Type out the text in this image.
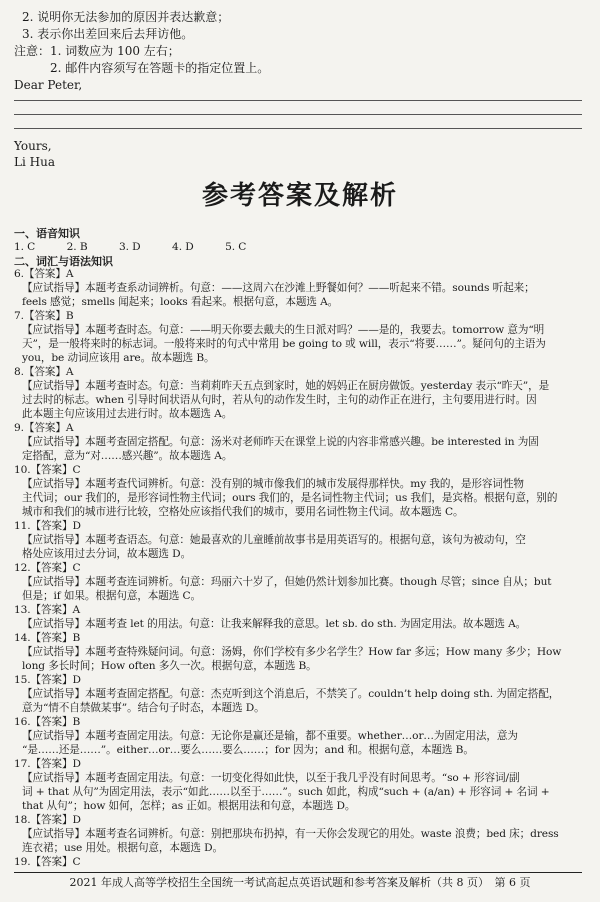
2. 说明你无法参加的原因并表达歉意；
3. 表示你出差回来后去拜访他。
注意：1. 词数应为 100 左右；
2. 邮件内容须写在答题卡的指定位置上。
Dear Peter,
Yours,
Li Hua
参考答案及解析
一、语音知识
1. C　　　2. B　　　3. D　　　4. D　　　5. C
二、词汇与语法知识
6.【答案】A
【应试指导】本题考查系动词辨析。句意：——这周六在沙滩上野餐如何？——听起来不错。sounds 听起来；
feels 感觉；smells 闻起来；looks 看起来。根据句意，本题选 A。
7.【答案】B
【应试指导】本题考查时态。句意：——明天你要去戴夫的生日派对吗？——是的，我要去。tomorrow 意为“明
天”，是一般将来时的标志词。一般将来时的句式中常用 be going to 或 will，表示“将要……”。疑问句的主语为
you，be 动词应该用 are。故本题选 B。
8.【答案】A
【应试指导】本题考查时态。句意：当莉莉昨天五点到家时，她的妈妈正在厨房做饭。yesterday 表示“昨天”，是
过去时的标志。when 引导时间状语从句时，若从句的动作发生时，主句的动作正在进行，主句要用进行时。因
此本题主句应该用过去进行时。故本题选 A。
9.【答案】A
【应试指导】本题考查固定搭配。句意：汤米对老师昨天在课堂上说的内容非常感兴趣。be interested in 为固
定搭配，意为“对……感兴趣”。故本题选 A。
10.【答案】C
【应试指导】本题考查代词辨析。句意：没有别的城市像我们的城市发展得那样快。my 我的，是形容词性物
主代词；our 我们的，是形容词性物主代词；ours 我们的，是名词性物主代词；us 我们，是宾格。根据句意，别的
城市和我们的城市进行比较，空格处应该指代我们的城市，要用名词性物主代词。故本题选 C。
11.【答案】D
【应试指导】本题考查语态。句意：她最喜欢的儿童睡前故事书是用英语写的。根据句意，该句为被动句，空
格处应该用过去分词，故本题选 D。
12.【答案】C
【应试指导】本题考查连词辨析。句意：玛丽六十岁了，但她仍然计划参加比赛。though 尽管；since 自从；but
但是；if 如果。根据句意，本题选 C。
13.【答案】A
【应试指导】本题考查 let 的用法。句意：让我来解释我的意思。let sb. do sth. 为固定用法。故本题选 A。
14.【答案】B
【应试指导】本题考查特殊疑问词。句意：汤姆，你们学校有多少名学生？How far 多远；How many 多少；How
long 多长时间；How often 多久一次。根据句意，本题选 B。
15.【答案】D
【应试指导】本题考查固定搭配。句意：杰克听到这个消息后，不禁笑了。couldn’t help doing sth. 为固定搭配，
意为“情不自禁做某事”。结合句子时态，本题选 D。
16.【答案】B
【应试指导】本题考查固定用法。句意：无论你是赢还是输，都不重要。whether…or…为固定用法，意为
“是……还是……”。either…or…要么……要么……；for 因为；and 和。根据句意，本题选 B。
17.【答案】D
【应试指导】本题考查固定用法。句意：一切变化得如此快，以至于我几乎没有时间思考。“so + 形容词/副
词 + that 从句”为固定用法，表示“如此……以至于……”。such 如此，构成“such + (a/an) + 形容词 + 名词 +
that 从句”；how 如何，怎样；as 正如。根据用法和句意，本题选 D。
18.【答案】D
【应试指导】本题考查名词辨析。句意：别把那块布扔掉，有一天你会发现它的用处。waste 浪费；bed 床；dress
连衣裙；use 用处。根据句意，本题选 D。
19.【答案】C
2021 年成人高等学校招生全国统一考试高起点英语试题和参考答案及解析（共 8 页）　第 6 页
